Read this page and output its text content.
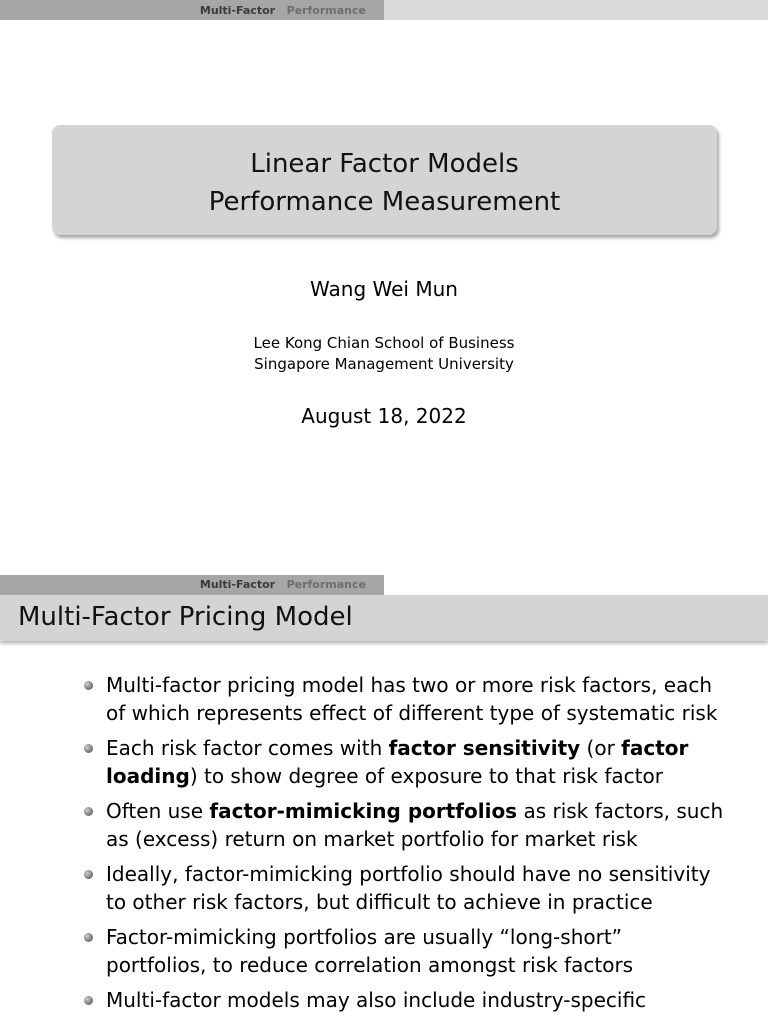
Multi-Factor Performance
Linear Factor Models
Performance Measurement
Wang Wei Mun
Lee Kong Chian School of Business
Singapore Management University
August 18, 2022
Multi-Factor Performance
Multi-Factor Pricing Model
Multi-factor pricing model has two or more risk factors, each of which represents effect of different type of systematic risk
Each risk factor comes with factor sensitivity (or factor loading) to show degree of exposure to that risk factor
Often use factor-mimicking portfolios as risk factors, such as (excess) return on market portfolio for market risk
Ideally, factor-mimicking portfolio should have no sensitivity to other risk factors, but difficult to achieve in practice
Factor-mimicking portfolios are usually “long-short” portfolios, to reduce correlation amongst risk factors
Multi-factor models may also include industry-specific
